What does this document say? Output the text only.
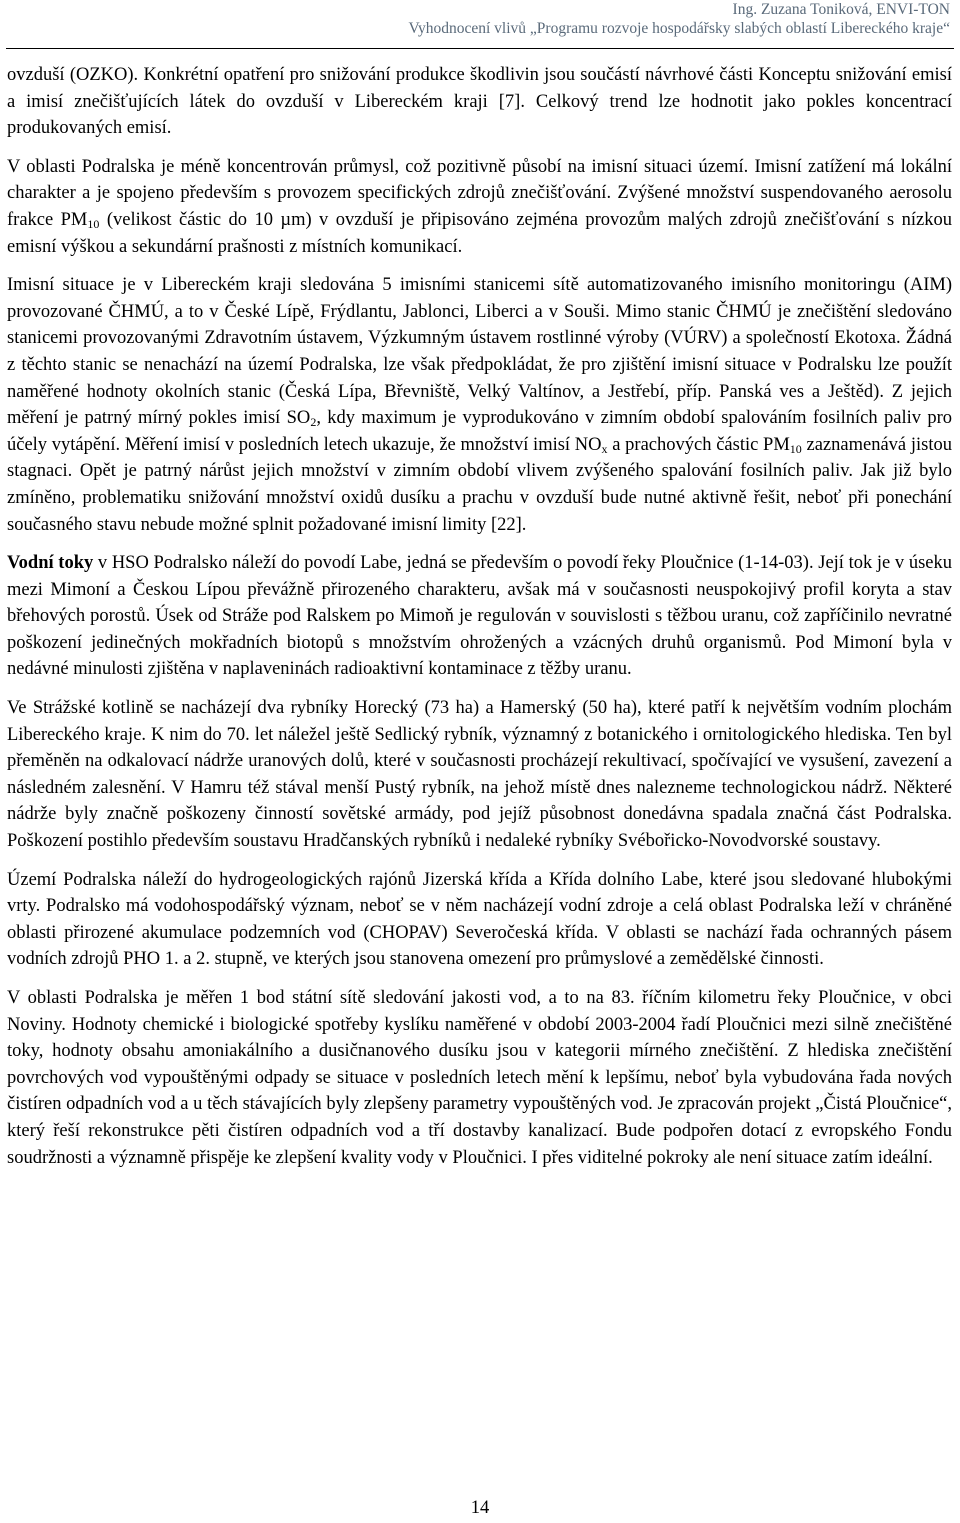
Ing. Zuzana Toniková, ENVI-TON
Vyhodnocení vlivů „Programu rozvoje hospodářsky slabých oblastí Libereckého kraje“

ovzduší (OZKO). Konkrétní opatření pro snižování produkce škodlivin jsou součástí návrhové části Konceptu snižování emisí a imisí znečišťujících látek do ovzduší v Libereckém kraji [7]. Celkový trend lze hodnotit jako pokles koncentrací produkovaných emisí.

V oblasti Podralska je méně koncentrován průmysl, což pozitivně působí na imisní situaci území. Imisní zatížení má lokální charakter a je spojeno především s provozem specifických zdrojů znečišťování. Zvýšené množství suspendovaného aerosolu frakce $PM_{10}$ (velikost částic do 10 µm) v ovzduší je připisováno zejména provozům malých zdrojů znečišťování s nízkou emisní výškou a sekundární prašnosti z místních komunikací.

Imisní situace je v Libereckém kraji sledována 5 imisními stanicemi sítě automatizovaného imisního monitoringu (AIM) provozované ČHMÚ, a to v České Lípě, Frýdlantu, Jablonci, Liberci a v Souši. Mimo stanic ČHMÚ je znečištění sledováno stanicemi provozovanými Zdravotním ústavem, Výzkumným ústavem rostlinné výroby (VÚRV) a společností Ekotoxa. Žádná z těchto stanic se nenachází na území Podralska, lze však předpokládat, že pro zjištění imisní situace v Podralsku lze použít naměřené hodnoty okolních stanic (Česká Lípa, Břevniště, Velký Valtínov, a Jestřebí, příp. Panská ves a Ještěd). Z jejich měření je patrný mírný pokles imisí $SO_2$, kdy maximum je vyprodukováno v zimním období spalováním fosilních paliv pro účely vytápění. Měření imisí v posledních letech ukazuje, že množství imisí $NO_x$ a prachových částic $PM_{10}$ zaznamenává jistou stagnaci. Opět je patrný nárůst jejich množství v zimním období vlivem zvýšeného spalování fosilních paliv. Jak již bylo zmíněno, problematiku snižování množství oxidů dusíku a prachu v ovzduší bude nutné aktivně řešit, neboť při ponechání současného stavu nebude možné splnit požadované imisní limity [22].

Vodní toky v HSO Podralsko náleží do povodí Labe, jedná se především o povodí řeky Ploučnice (1-14-03). Její tok je v úseku mezi Mimoní a Českou Lípou převážně přirozeného charakteru, avšak má v současnosti neuspokojivý profil koryta a stav břehových porostů. Úsek od Stráže pod Ralskem po Mimoň je regulován v souvislosti s těžbou uranu, což zapříčinilo nevratné poškození jedinečných mokřadních biotopů s množstvím ohrožených a vzácných druhů organismů. Pod Mimoní byla v nedávné minulosti zjištěna v naplaveninách radioaktivní kontaminace z těžby uranu.

Ve Strážské kotlině se nacházejí dva rybníky Horecký (73 ha) a Hamerský (50 ha), které patří k největším vodním plochám Libereckého kraje. K nim do 70. let náležel ještě Sedlický rybník, významný z botanického i ornitologického hlediska. Ten byl přeměněn na odkalovací nádrže uranových dolů, které v současnosti procházejí rekultivací, spočívající ve vysušení, zavezení a následném zalesnění. V Hamru též stával menší Pustý rybník, na jehož místě dnes nalezneme technologickou nádrž. Některé nádrže byly značně poškozeny činností sovětské armády, pod jejíž působnost donedávna spadala značná část Podralska. Poškození postihlo především soustavu Hradčanských rybníků i nedaleké rybníky Svébořicko-Novodvorské soustavy.

Území Podralska náleží do hydrogeologických rajónů Jizerská křída a Křída dolního Labe, které jsou sledované hlubokými vrty. Podralsko má vodohospodářský význam, neboť se v něm nacházejí vodní zdroje a celá oblast Podralska leží v chráněné oblasti přirozené akumulace podzemních vod (CHOPAV) Severočeská křída. V oblasti se nachází řada ochranných pásem vodních zdrojů PHO 1. a 2. stupně, ve kterých jsou stanovena omezení pro průmyslové a zemědělské činnosti.

V oblasti Podralska je měřen 1 bod státní sítě sledování jakosti vod, a to na 83. říčním kilometru řeky Ploučnice, v obci Noviny. Hodnoty chemické i biologické spotřeby kyslíku naměřené v období 2003-2004 řadí Ploučnici mezi silně znečištěné toky, hodnoty obsahu amoniakálního a dusičnanového dusíku jsou v kategorii mírného znečištění. Z hlediska znečištění povrchových vod vypouštěnými odpady se situace v posledních letech mění k lepšímu, neboť byla vybudována řada nových čistíren odpadních vod a u těch stávajících byly zlepšeny parametry vypouštěných vod. Je zpracován projekt „Čistá Ploučnice“, který řeší rekonstrukce pěti čistíren odpadních vod a tří dostavby kanalizací. Bude podpořen dotací z evropského Fondu soudržnosti a významně přispěje ke zlepšení kvality vody v Ploučnici. I přes viditelné pokroky ale není situace zatím ideální.

14
